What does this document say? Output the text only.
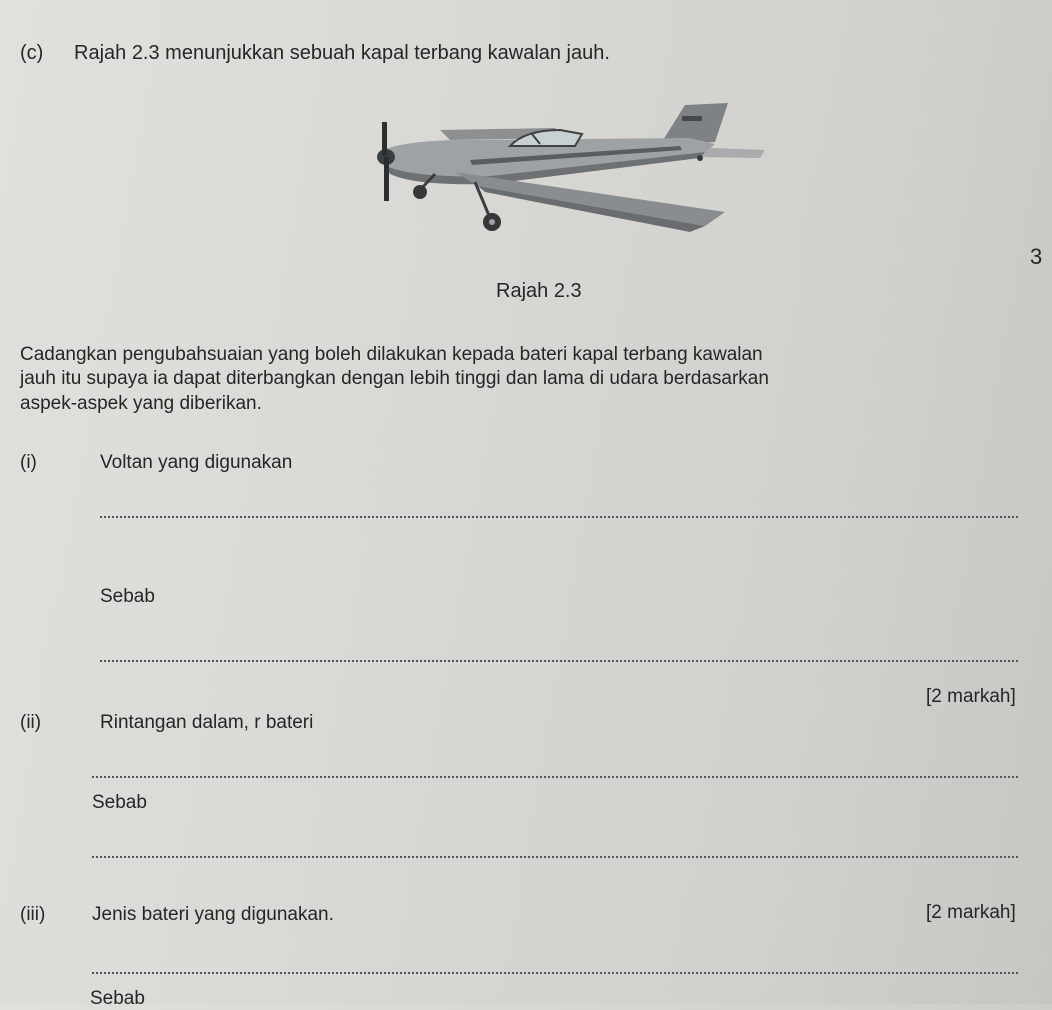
(c) Rajah 2.3 menunjukkan sebuah kapal terbang kawalan jauh.
Rajah 2.3
3
Cadangkan pengubahsuaian yang boleh dilakukan kepada bateri kapal terbang kawalan
jauh itu supaya ia dapat diterbangkan dengan lebih tinggi dan lama di udara berdasarkan
aspek-aspek yang diberikan.
(i)	Voltan yang digunakan
Sebab
[2 markah]
(ii)	Rintangan dalam, r bateri
Sebab
(iii) Jenis bateri yang digunakan.	[2 markah]
Sebab
